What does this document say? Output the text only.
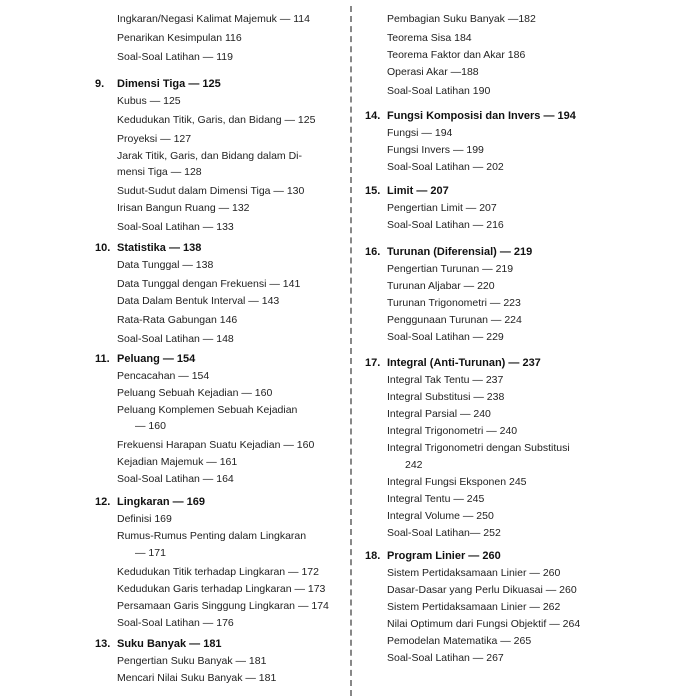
Ingkaran/Negasi Kalimat Majemuk — 114
Penarikan Kesimpulan 116
Soal-Soal Latihan — 119
9. Dimensi Tiga — 125
Kubus — 125
Kedudukan Titik, Garis, dan Bidang — 125
Proyeksi — 127
Jarak Titik, Garis, dan Bidang dalam Di-
mensi Tiga — 128
Sudut-Sudut dalam Dimensi Tiga — 130
Irisan Bangun Ruang — 132
Soal-Soal Latihan — 133
10. Statistika — 138
Data Tunggal — 138
Data Tunggal dengan Frekuensi — 141
Data Dalam Bentuk Interval — 143
Rata-Rata Gabungan 146
Soal-Soal Latihan — 148
11. Peluang — 154
Pencacahan — 154
Peluang Sebuah Kejadian — 160
Peluang Komplemen Sebuah Kejadian
— 160
Frekuensi Harapan Suatu Kejadian — 160
Kejadian Majemuk — 161
Soal-Soal Latihan — 164
12. Lingkaran — 169
Definisi 169
Rumus-Rumus Penting dalam Lingkaran
— 171
Kedudukan Titik terhadap Lingkaran — 172
Kedudukan Garis terhadap Lingkaran — 173
Persamaan Garis Singgung Lingkaran — 174
Soal-Soal Latihan — 176
13. Suku Banyak — 181
Pengertian Suku Banyak — 181
Mencari Nilai Suku Banyak — 181
Pembagian Suku Banyak —182
Teorema Sisa 184
Teorema Faktor dan Akar 186
Operasi Akar —188
Soal-Soal Latihan 190
14. Fungsi Komposisi dan Invers — 194
Fungsi — 194
Fungsi Invers — 199
Soal-Soal Latihan — 202
15. Limit — 207
Pengertian Limit — 207
Soal-Soal Latihan — 216
16. Turunan (Diferensial) — 219
Pengertian Turunan — 219
Turunan Aljabar — 220
Turunan Trigonometri — 223
Penggunaan Turunan — 224
Soal-Soal Latihan — 229
17. Integral (Anti-Turunan) — 237
Integral Tak Tentu — 237
Integral Substitusi — 238
Integral Parsial — 240
Integral Trigonometri — 240
Integral Trigonometri dengan Substitusi
242
Integral Fungsi Eksponen 245
Integral Tentu — 245
Integral Volume — 250
Soal-Soal Latihan— 252
18. Program Linier — 260
Sistem Pertidaksamaan Linier — 260
Dasar-Dasar yang Perlu Dikuasai — 260
Sistem Pertidaksamaan Linier — 262
Nilai Optimum dari Fungsi Objektif — 264
Pemodelan Matematika — 265
Soal-Soal Latihan — 267
